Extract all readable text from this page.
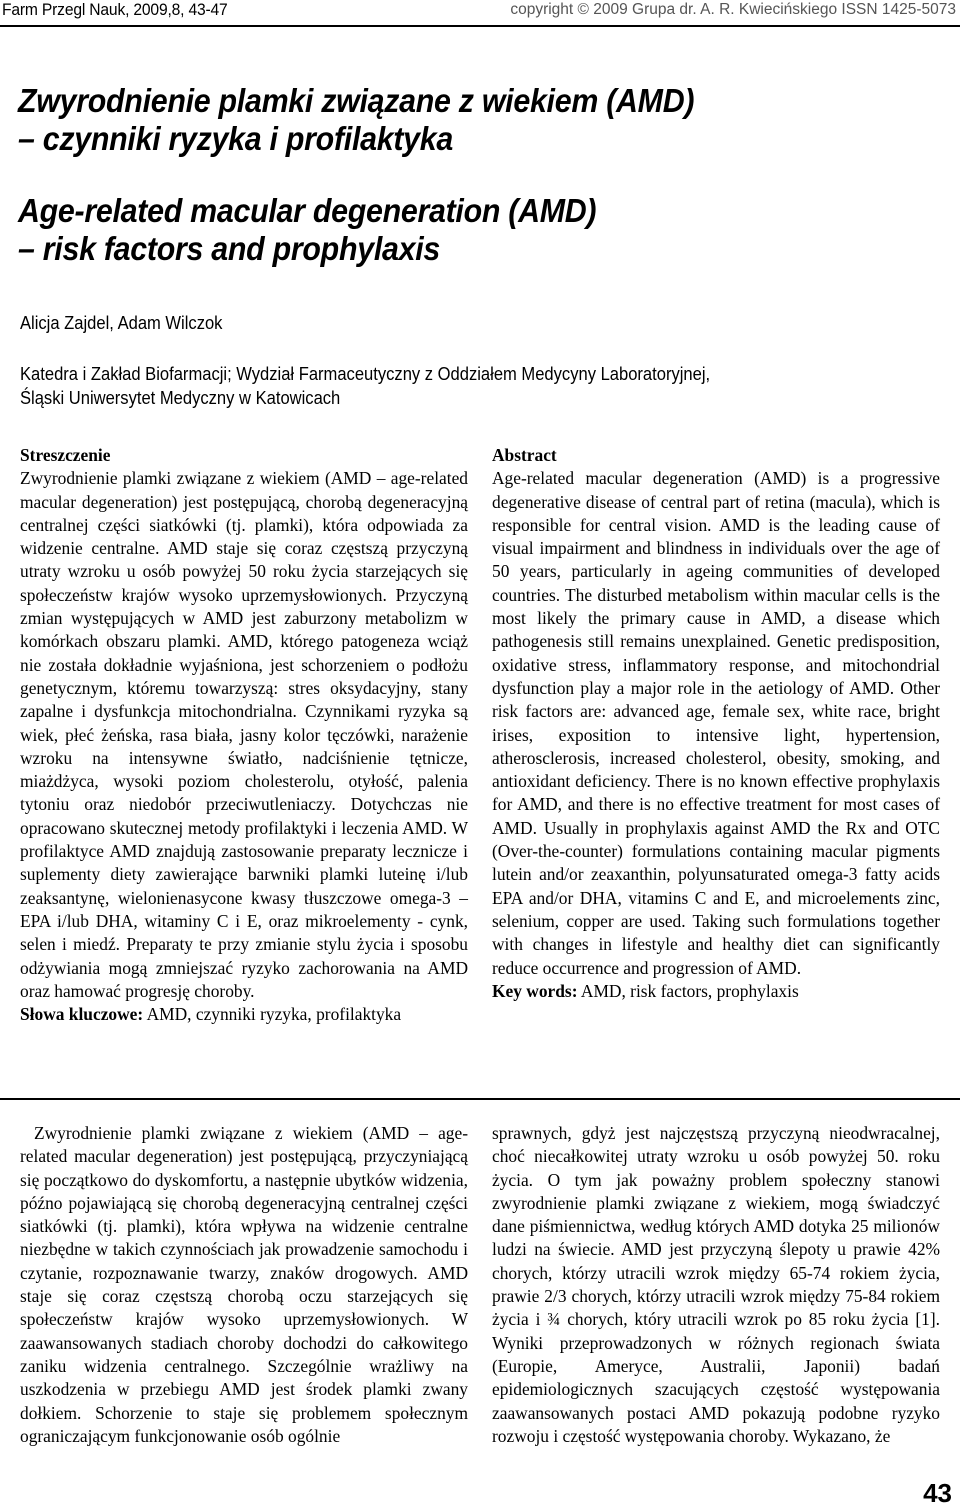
Farm Przegl Nauk, 2009,8, 43-47	copyright © 2009 Grupa dr. A. R. Kwiecińskiego ISSN 1425-5073
Zwyrodnienie plamki związane z wiekiem (AMD)
– czynniki ryzyka i profilaktyka
Age-related macular degeneration (AMD)
– risk factors and prophylaxis
Alicja Zajdel, Adam Wilczok
Katedra i Zakład Biofarmacji; Wydział Farmaceutyczny z Oddziałem Medycyny Laboratoryjnej,
Śląski Uniwersytet Medyczny w Katowicach
Streszczenie

Zwyrodnienie plamki związane z wiekiem (AMD – age-related macular degeneration) jest postępującą, chorobą degeneracyjną centralnej części siatkówki (tj. plamki), która odpowiada za widzenie centralne. AMD staje się coraz częstszą przyczyną utraty wzroku u osób powyżej 50 roku życia starzejących się społeczeństw krajów wysoko uprzemysłowionych. Przyczyną zmian występujących w AMD jest zaburzony metabolizm w komórkach obszaru plamki. AMD, którego patogeneza wciąż nie została dokładnie wyjaśniona, jest schorzeniem o podłożu genetycznym, któremu towarzyszą: stres oksydacyjny, stany zapalne i dysfunkcja mitochondrialna. Czynnikami ryzyka są wiek, płeć żeńska, rasa biała, jasny kolor tęczówki, narażenie wzroku na intensywne światło, nadciśnienie tętnicze, miażdżyca, wysoki poziom cholesterolu, otyłość, palenia tytoniu oraz niedobór przeciwutleniaczy. Dotychczas nie opracowano skutecznej metody profilaktyki i leczenia AMD. W profilaktyce AMD znajdują zastosowanie preparaty lecznicze i suplementy diety zawierające barwniki plamki luteinę i/lub zeaksantynę, wielonienasycone kwasy tłuszczowe omega-3 – EPA i/lub DHA, witaminy C i E, oraz mikroelementy - cynk, selen i miedź. Preparaty te przy zmianie stylu życia i sposobu odżywiania mogą zmniejszać ryzyko zachorowania na AMD oraz hamować progresję choroby.

Słowa kluczowe: AMD, czynniki ryzyka, profilaktyka

Abstract

Age-related macular degeneration (AMD) is a progressive degenerative disease of central part of retina (macula), which is responsible for central vision. AMD is the leading cause of visual impairment and blindness in individuals over the age of 50 years, particularly in ageing communities of developed countries. The disturbed metabolism within macular cells is the most likely the primary cause in AMD, a disease which pathogenesis still remains unexplained. Genetic predisposition, oxidative stress, inflammatory response, and mitochondrial dysfunction play a major role in the aetiology of AMD. Other risk factors are: advanced age, female sex, white race, bright irises, exposition to intensive light, hypertension, atherosclerosis, increased cholesterol, obesity, smoking, and antioxidant deficiency. There is no known effective prophylaxis for AMD, and there is no effective treatment for most cases of AMD. Usually in prophylaxis against AMD the Rx and OTC (Over-the-counter) formulations containing macular pigments lutein and/or zeaxanthin, polyunsaturated omega-3 fatty acids EPA and/or DHA, vitamins C and E, and microelements zinc, selenium, copper are used. Taking such formulations together with changes in lifestyle and healthy diet can significantly reduce occurrence and progression of AMD.

Key words: AMD, risk factors, prophylaxis

Zwyrodnienie plamki związane z wiekiem (AMD – age-related macular degeneration) jest postępującą, przyczyniającą się początkowo do dyskomfortu, a następnie ubytków widzenia, późno pojawiającą się chorobą degeneracyjną centralnej części siatkówki (tj. plamki), która wpływa na widzenie centralne niezbędne w takich czynnościach jak prowadzenie samochodu i czytanie, rozpoznawanie twarzy, znaków drogowych. AMD staje się coraz częstszą chorobą oczu starzejących się społeczeństw krajów wysoko uprzemysłowionych. W zaawansowanych stadiach choroby dochodzi do całkowitego zaniku widzenia centralnego. Szczególnie wrażliwy na uszkodzenia w przebiegu AMD jest środek plamki zwany dołkiem. Schorzenie to staje się problemem społecznym ograniczającym funkcjonowanie osób ogólnie

sprawnych, gdyż jest najczęstszą przyczyną nieodwracalnej, choć niecałkowitej utraty wzroku u osób powyżej 50. roku życia. O tym jak poważny problem społeczny stanowi zwyrodnienie plamki związane z wiekiem, mogą świadczyć dane piśmiennictwa, według których AMD dotyka 25 milionów ludzi na świecie. AMD jest przyczyną ślepoty u prawie 42% chorych, którzy utracili wzrok między 65-74 rokiem życia, prawie 2/3 chorych, którzy utracili wzrok między 75-84 rokiem życia i ¾ chorych, który utracili wzrok po 85 roku życia [1]. Wyniki przeprowadzonych w różnych regionach świata (Europie, Ameryce, Australii, Japonii) badań epidemiologicznych szacujących częstość występowania zaawansowanych postaci AMD pokazują podobne ryzyko rozwoju i częstość występowania choroby. Wykazano, że

43
